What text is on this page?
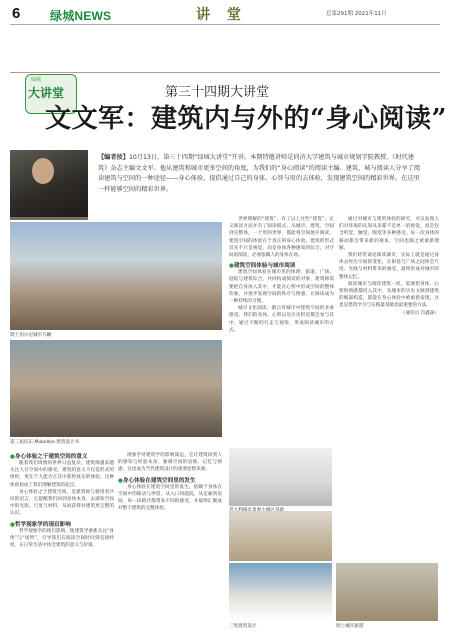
6 绿城NEWS	讲 堂	总第291期 2021年11月
绿城
大讲堂	第三十四期大讲堂
文文军：建筑内与外的“身心阅读”
【编者按】10月13日，第三十四期“绿城大讲堂”开讲。本期特邀讲师是同济大学建筑与城市规划学院教授、《时代建筑》杂志主编文文军。他从建筑和城市更多空间的角度，为我们的“身心阅读”的阅读主编。建筑、城与阅读人分享了阅读建筑与空间的一种途径——身心体验，提倡通过自己的身体、心智与用的去体验，发现建筑空间的精彩世界，在这里一样能够空间的精彩世界。
瑞士伯尔尼城市鸟瞰
第三届伍东 Mukolloo 建筑设计书

世界理解的“建筑”，有了以上这些“建筑”，定义阅读方法并有了阅读模式。从城市、建筑、空间到完整体，一个形的世界，都能将空间展开阅读。建筑空间的体验在于真正的身心体验。建筑的形式首先不只是视觉，而是身体各种感知的综合，对空间的阅读，必须依赖人的身体在场。

●建筑空间体验与城市阅读

建筑空间体验在城市里的体现：街道、广场、庭院与建筑综合，共同构成阅读的对象，建筑师需要把自身放入其中，才能在心智中形成空间的整体印象，并逐步发现空间的秩序与情感，让阅读成为一种持续的习惯。

城市文化阅读，源自对城市中建筑空间的多重感受。我们的身体、心智以及历史积淀都会参与其中，通过不断的行走与观察，形成阅读城市的方式。

通过对城市与建筑体验的研究，可以发现人们对环境的认知从来都不是单一的视觉，而是包含听觉、触觉、嗅觉等多种感受。每一次身体的移动都会带来新的视角，空间也随之被重新理解。

我们经常谈论阅读城市，实际上就是通过身体去经历空间的变化，在街巷与广场之间体会尺度、光线与材料带来的感受，最终形成对城市的整体记忆。

阅读城市与阅读建筑一样，需要把身体、心智和情感都投入其中，从城市的历史文脉到建筑的细部构造，都能在身心体验中被重新发现，这也是建筑学习与实践最基础也最重要的方法。

（通讯员 肖鑫森）

三集建筑设计	瑞士城市旅游
●身心体验之于建筑空间的意义

随着我们周围的世界日益复杂，建筑师越来越关注人在空间中的感受。建筑的意义不仅是形式的组织，更在于人能否在其中获得真实的体验，这种体验构成了我们理解建筑的起点。

身心体验之于建筑空间，是建筑师与使用者共同的语言，它提醒我们回到身体本身，去感知空间中的光影、尺度与材料，从而获得对建筑更完整的认识。

●哲学现象学的现启影响

哲学现象学的现启影响，使建筑学重新关注“身体”与“场所”，引导我们在阅读空间时回到直接经验，在日常生活中体会建筑的意义与价值。

现象学对建筑学的影响深远，它让建筑回到人的感知与经验本身，强调空间的氛围、记忆与情感，这也成为当代建筑设计的重要思想来源。

●身心体验在建筑空间里的发生

身心体验在建筑空间里的发生，依赖于身体在空间中的移动与停留，从入口到庭院，从走廊到房间，每一段路径都带来不同的感受，并最终汇聚成对整个建筑的完整体验。
